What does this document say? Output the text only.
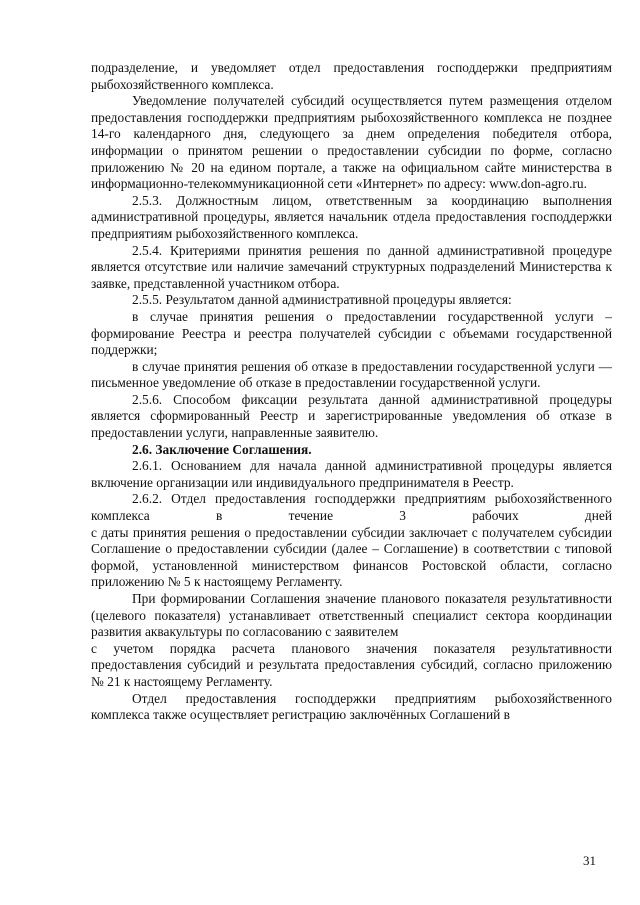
подразделение, и уведомляет отдел предоставления господдержки предприятиям рыбохозяйственного комплекса.

Уведомление получателей субсидий осуществляется путем размещения отделом предоставления господдержки предприятиям рыбохозяйственного комплекса не позднее 14-го календарного дня, следующего за днем определения победителя отбора, информации о принятом решении о предоставлении субсидии по форме, согласно приложению № 20 на едином портале, а также на официальном сайте министерства в информационно-телекоммуникационной сети «Интернет» по адресу: www.don-agro.ru.

2.5.3. Должностным лицом, ответственным за координацию выполнения административной процедуры, является начальник отдела предоставления господдержки предприятиям рыбохозяйственного комплекса.

2.5.4. Критериями принятия решения по данной административной процедуре является отсутствие или наличие замечаний структурных подразделений Министерства к заявке, представленной участником отбора.

2.5.5. Результатом данной административной процедуры является:

в случае принятия решения о предоставлении государственной услуги – формирование Реестра и реестра получателей субсидии с объемами государственной поддержки;

в случае принятия решения об отказе в предоставлении государственной услуги — письменное уведомление об отказе в предоставлении государственной услуги.

2.5.6. Способом фиксации результата данной административной процедуры является сформированный Реестр и зарегистрированные уведомления об отказе в предоставлении услуги, направленные заявителю.

2.6. Заключение Соглашения.

2.6.1. Основанием для начала данной административной процедуры является включение организации или индивидуального предпринимателя в Реестр.

2.6.2. Отдел предоставления господдержки предприятиям рыбохозяйственного комплекса в течение 3 рабочих дней

с даты принятия решения о предоставлении субсидии заключает с получателем субсидии Соглашение о предоставлении субсидии (далее – Соглашение) в соответствии с типовой формой, установленной министерством финансов Ростовской области, согласно приложению № 5 к настоящему Регламенту.

При формировании Соглашения значение планового показателя результативности (целевого показателя) устанавливает ответственный специалист сектора координации развития аквакультуры по согласованию с заявителем

с учетом порядка расчета планового значения показателя результативности предоставления субсидий и результата предоставления субсидий, согласно приложению № 21 к настоящему Регламенту.

Отдел предоставления господдержки предприятиям рыбохозяйственного комплекса также осуществляет регистрацию заключённых Соглашений в

31
